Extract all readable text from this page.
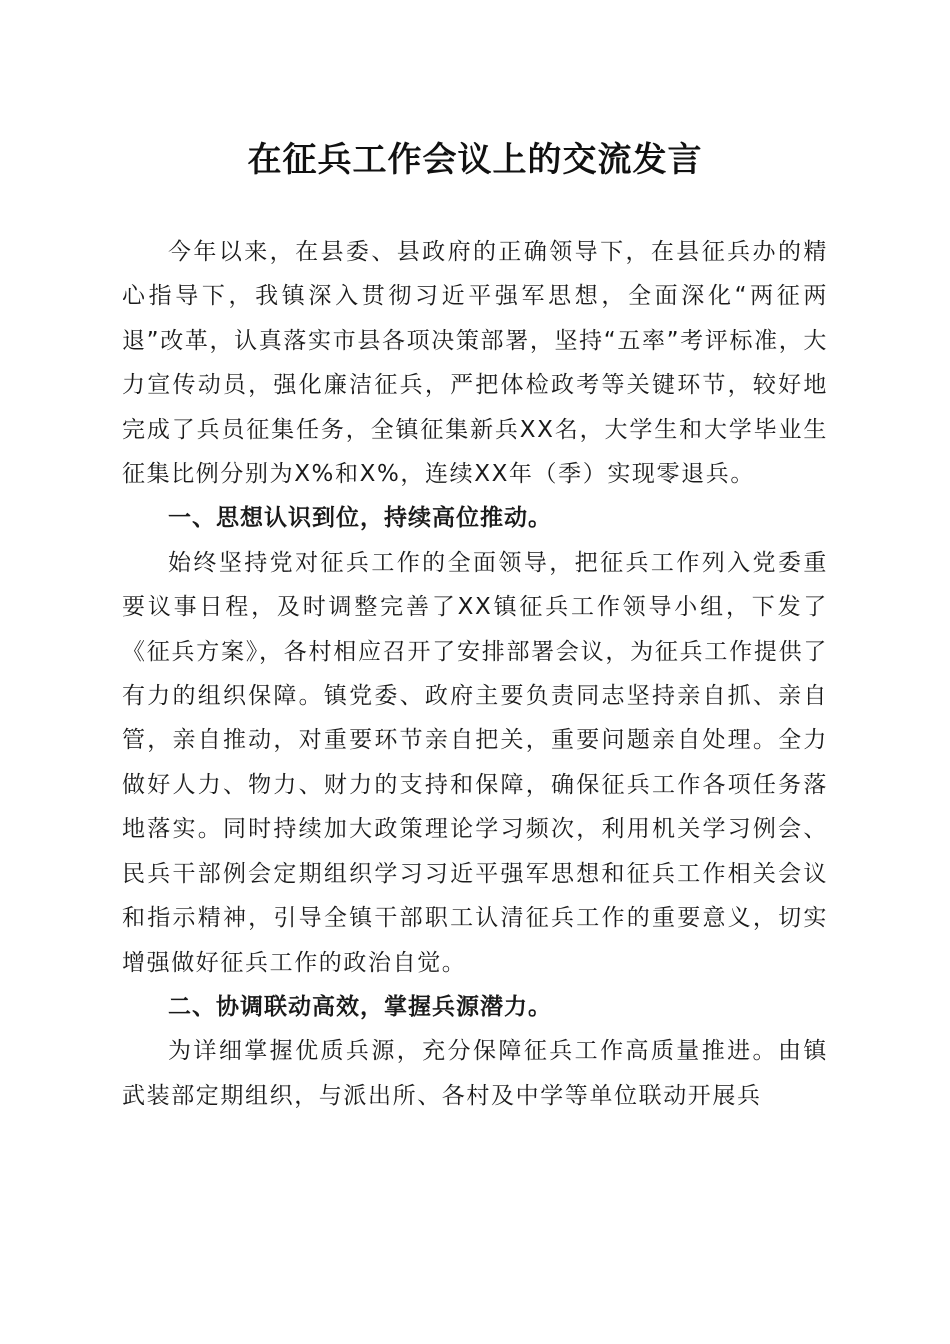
在征兵工作会议上的交流发言

今年以来，在县委、县政府的正确领导下，在县征兵办的精心指导下，我镇深入贯彻习近平强军思想，全面深化“两征两退”改革，认真落实市县各项决策部署，坚持“五率”考评标准，大力宣传动员，强化廉洁征兵，严把体检政考等关键环节，较好地完成了兵员征集任务，全镇征集新兵XX名，大学生和大学毕业生征集比例分别为X%和X%，连续XX年（季）实现零退兵。

一、思想认识到位，持续高位推动。

始终坚持党对征兵工作的全面领导，把征兵工作列入党委重要议事日程，及时调整完善了XX镇征兵工作领导小组，下发了《征兵方案》，各村相应召开了安排部署会议，为征兵工作提供了有力的组织保障。镇党委、政府主要负责同志坚持亲自抓、亲自管，亲自推动，对重要环节亲自把关，重要问题亲自处理。全力做好人力、物力、财力的支持和保障，确保征兵工作各项任务落地落实。同时持续加大政策理论学习频次，利用机关学习例会、民兵干部例会定期组织学习习近平强军思想和征兵工作相关会议和指示精神，引导全镇干部职工认清征兵工作的重要意义，切实增强做好征兵工作的政治自觉。

二、协调联动高效，掌握兵源潜力。

为详细掌握优质兵源，充分保障征兵工作高质量推进。由镇武装部定期组织，与派出所、各村及中学等单位联动开展兵
